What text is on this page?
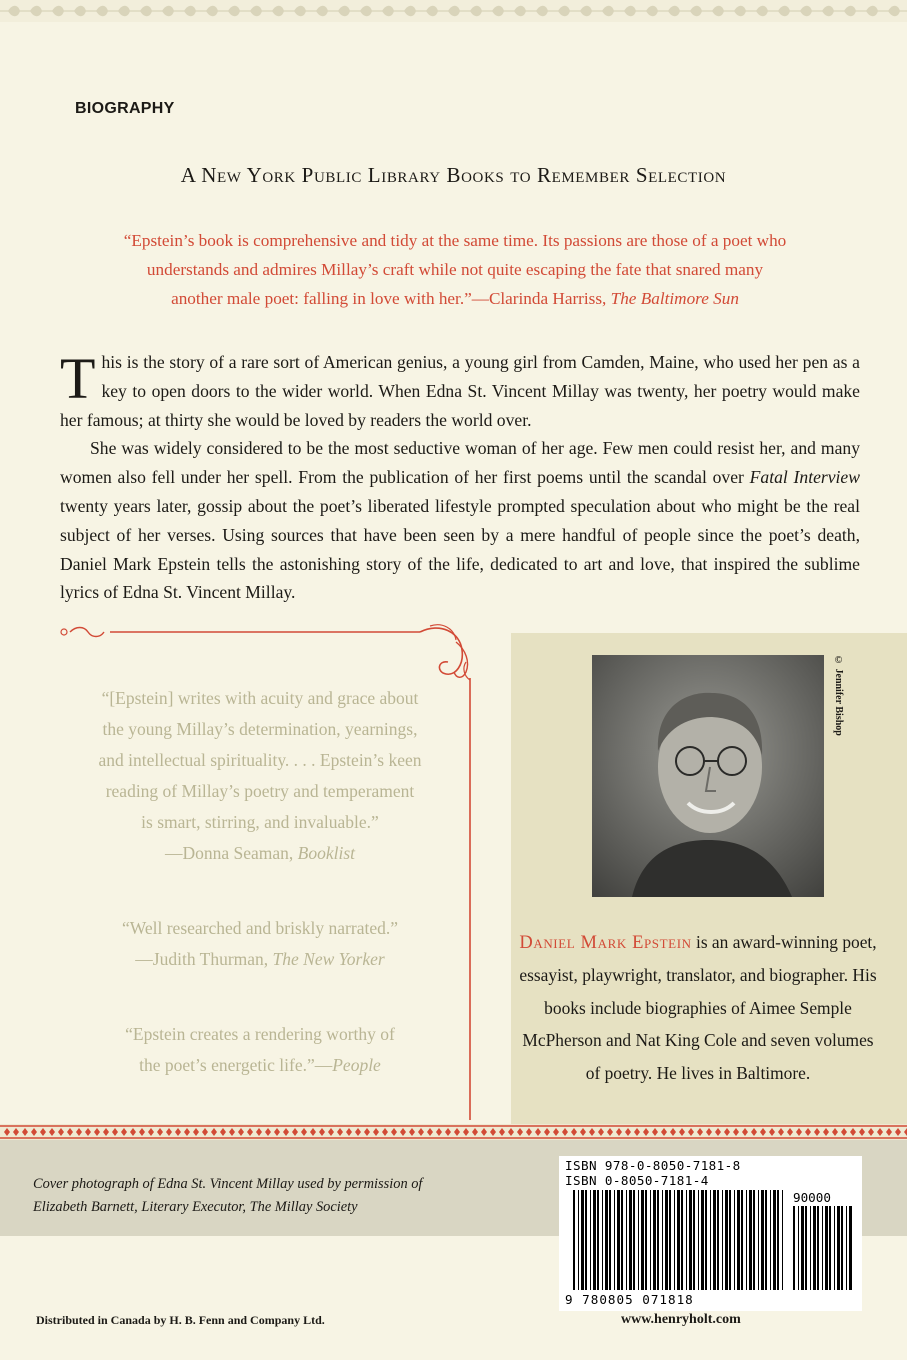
BIOGRAPHY
A New York Public Library Books to Remember Selection
“Epstein’s book is comprehensive and tidy at the same time. Its passions are those of a poet who
understands and admires Millay’s craft while not quite escaping the fate that snared many
another male poet: falling in love with her.”—Clarinda Harriss, The Baltimore Sun

This is the story of a rare sort of American genius, a young girl from Camden, Maine, who used her pen as a key to open doors to the wider world. When Edna St. Vincent Millay was twenty, her poetry would make her famous; at thirty she would be loved by readers the world over.

She was widely considered to be the most seductive woman of her age. Few men could resist her, and many women also fell under her spell. From the publication of her first poems until the scandal over Fatal Interview twenty years later, gossip about the poet’s liberated lifestyle prompted speculation about who might be the real subject of her verses. Using sources that have been seen by a mere handful of people since the poet’s death, Daniel Mark Epstein tells the astonishing story of the life, dedicated to art and love, that inspired the sublime lyrics of Edna St. Vincent Millay.

“[Epstein] writes with acuity and grace about
the young Millay’s determination, yearnings,
and intellectual spirituality. . . . Epstein’s keen
reading of Millay’s poetry and temperament
is smart, stirring, and invaluable.”
—Donna Seaman, Booklist
“Well researched and briskly narrated.”
—Judith Thurman, The New Yorker
“Epstein creates a rendering worthy of
the poet’s energetic life.”—People
© Jennifer Bishop
Daniel Mark Epstein is an award-winning poet, essayist, playwright, translator, and biographer. His books include biographies of Aimee Semple McPherson and Nat King Cole and seven volumes of poetry. He lives in Baltimore.
Cover photograph of Edna St. Vincent Millay used by permission of
Elizabeth Barnett, Literary Executor, The Millay Society
ISBN 978-0-8050-7181-8
ISBN 0-8050-7181-4
90000
9 780805 071818
Distributed in Canada by H. B. Fenn and Company Ltd.	www.henryholt.com
